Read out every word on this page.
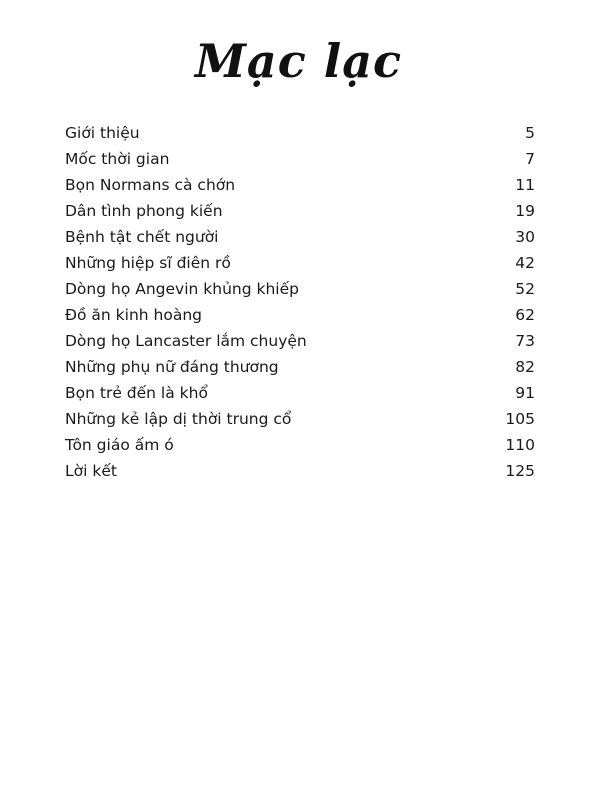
Mạc lạc
Giới thiệu	5
Mốc thời gian	7
Bọn Normans cà chớn	11
Dân tình phong kiến	19
Bệnh tật chết người	30
Những hiệp sĩ điên rồ	42
Dòng họ Angevin khủng khiếp	52
Đồ ăn kinh hoàng	62
Dòng họ Lancaster lắm chuyện	73
Những phụ nữ đáng thương	82
Bọn trẻ đến là khổ	91
Những kẻ lập dị thời trung cổ	105
Tôn giáo ấm ó	110
Lời kết	125
